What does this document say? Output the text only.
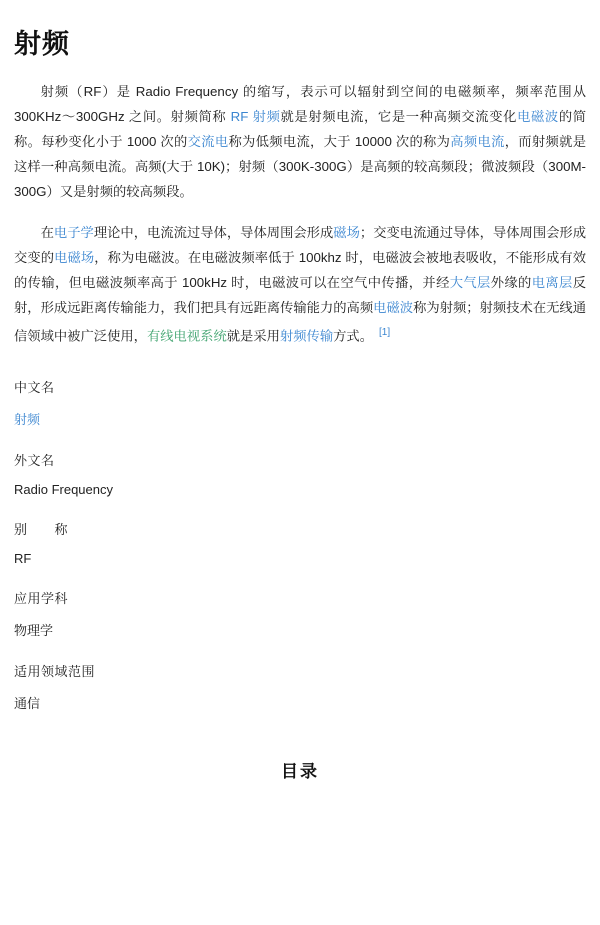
射频

射频（RF）是 Radio Frequency 的缩写，表示可以辐射到空间的电磁频率，频率范围从 300KHz～300GHz 之间。射频简称 RF 射频就是射频电流，它是一种高频交流变化电磁波的简称。每秒变化小于 1000 次的交流电称为低频电流，大于 10000 次的称为高频电流，而射频就是这样一种高频电流。高频(大于 10K)；射频（300K-300G）是高频的较高频段；微波频段（300M-300G）又是射频的较高频段。

在电子学理论中，电流流过导体，导体周围会形成磁场；交变电流通过导体，导体周围会形成交变的电磁场，称为电磁波。在电磁波频率低于 100khz 时，电磁波会被地表吸收，不能形成有效的传输，但电磁波频率高于 100kHz 时，电磁波可以在空气中传播，并经大气层外缘的电离层反射，形成远距离传输能力，我们把具有远距离传输能力的高频电磁波称为射频；射频技术在无线通信领域中被广泛使用，有线电视系统就是采用射频传输方式。 [1]

中文名
射频
外文名
Radio Frequency
别　　称
RF
应用学科
物理学
适用领域范围
通信
目录
